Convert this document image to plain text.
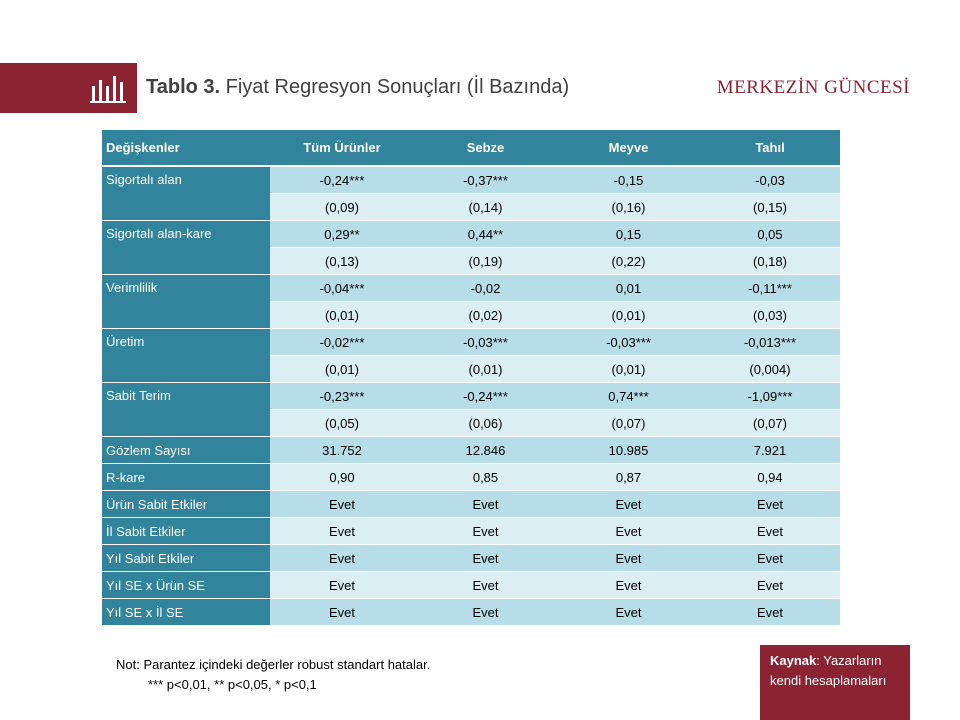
Tablo 3. Fiyat Regresyon Sonuçları (İl Bazında)	MERKEZİN GÜNCESİ
Değişkenler	Tüm Ürünler	Sebze	Meyve	Tahıl
Sigortalı alan	-0,24***	-0,37***	-0,15	-0,03
	(0,09)	(0,14)	(0,16)	(0,15)
Sigortalı alan-kare	0,29**	0,44**	0,15	0,05
	(0,13)	(0,19)	(0,22)	(0,18)
Verimlilik	-0,04***	-0,02	0,01	-0,11***
	(0,01)	(0,02)	(0,01)	(0,03)
Üretim	-0,02***	-0,03***	-0,03***	-0,013***
	(0,01)	(0,01)	(0,01)	(0,004)
Sabit Terim	-0,23***	-0,24***	0,74***	-1,09***
	(0,05)	(0,06)	(0,07)	(0,07)
Gözlem Sayısı	31.752	12.846	10.985	7.921
R-kare	0,90	0,85	0,87	0,94
Ürün Sabit Etkiler	Evet	Evet	Evet	Evet
İl Sabit Etkiler	Evet	Evet	Evet	Evet
Yıl Sabit Etkiler	Evet	Evet	Evet	Evet
Yıl SE x Ürün SE	Evet	Evet	Evet	Evet
Yıl SE x İl SE	Evet	Evet	Evet	Evet
Not: Parantez içindeki değerler robust standart hatalar.
*** p<0,01, ** p<0,05, * p<0,1
Kaynak: Yazarların kendi hesaplamaları
